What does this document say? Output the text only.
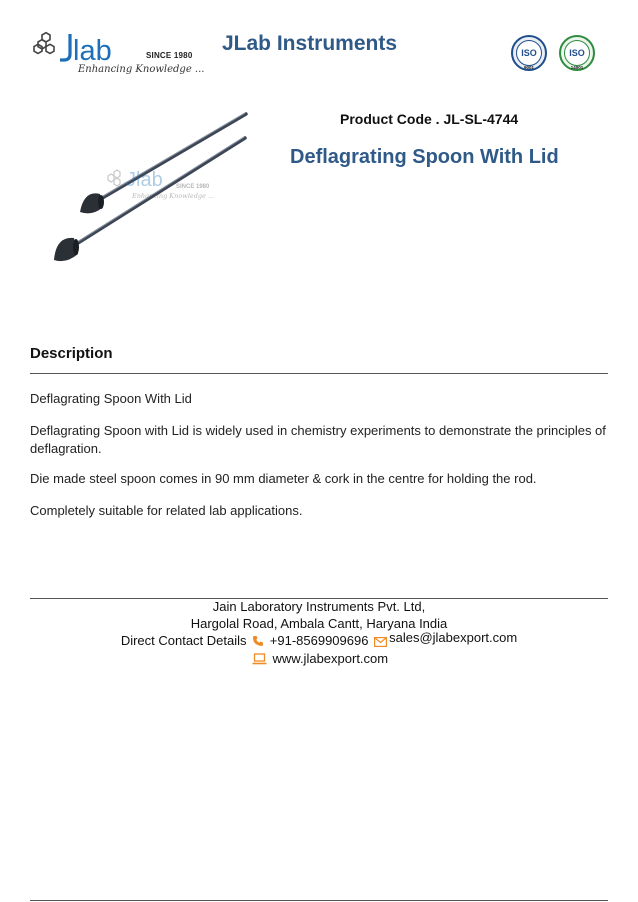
lab	SINCE 1980
Enhancing Knowledge ...
JLab Instruments	ISO
9001
ISO
14001
Jlab SINCE 1980
Enhancing Knowledge ...
Product Code . JL-SL-4744
Deflagrating Spoon With Lid
Description
Deflagrating Spoon With Lid
Deflagrating Spoon with Lid is widely used in chemistry experiments to demonstrate the principles of deflagration.
Die made steel spoon comes in 90 mm diameter & cork in the centre for holding the rod.
Completely suitable for related lab applications.
Jain Laboratory Instruments Pvt. Ltd,
Hargolal Road, Ambala Cantt, Haryana India
Direct Contact Details +91-8569909696 sales@jlabexport.com
www.jlabexport.com
